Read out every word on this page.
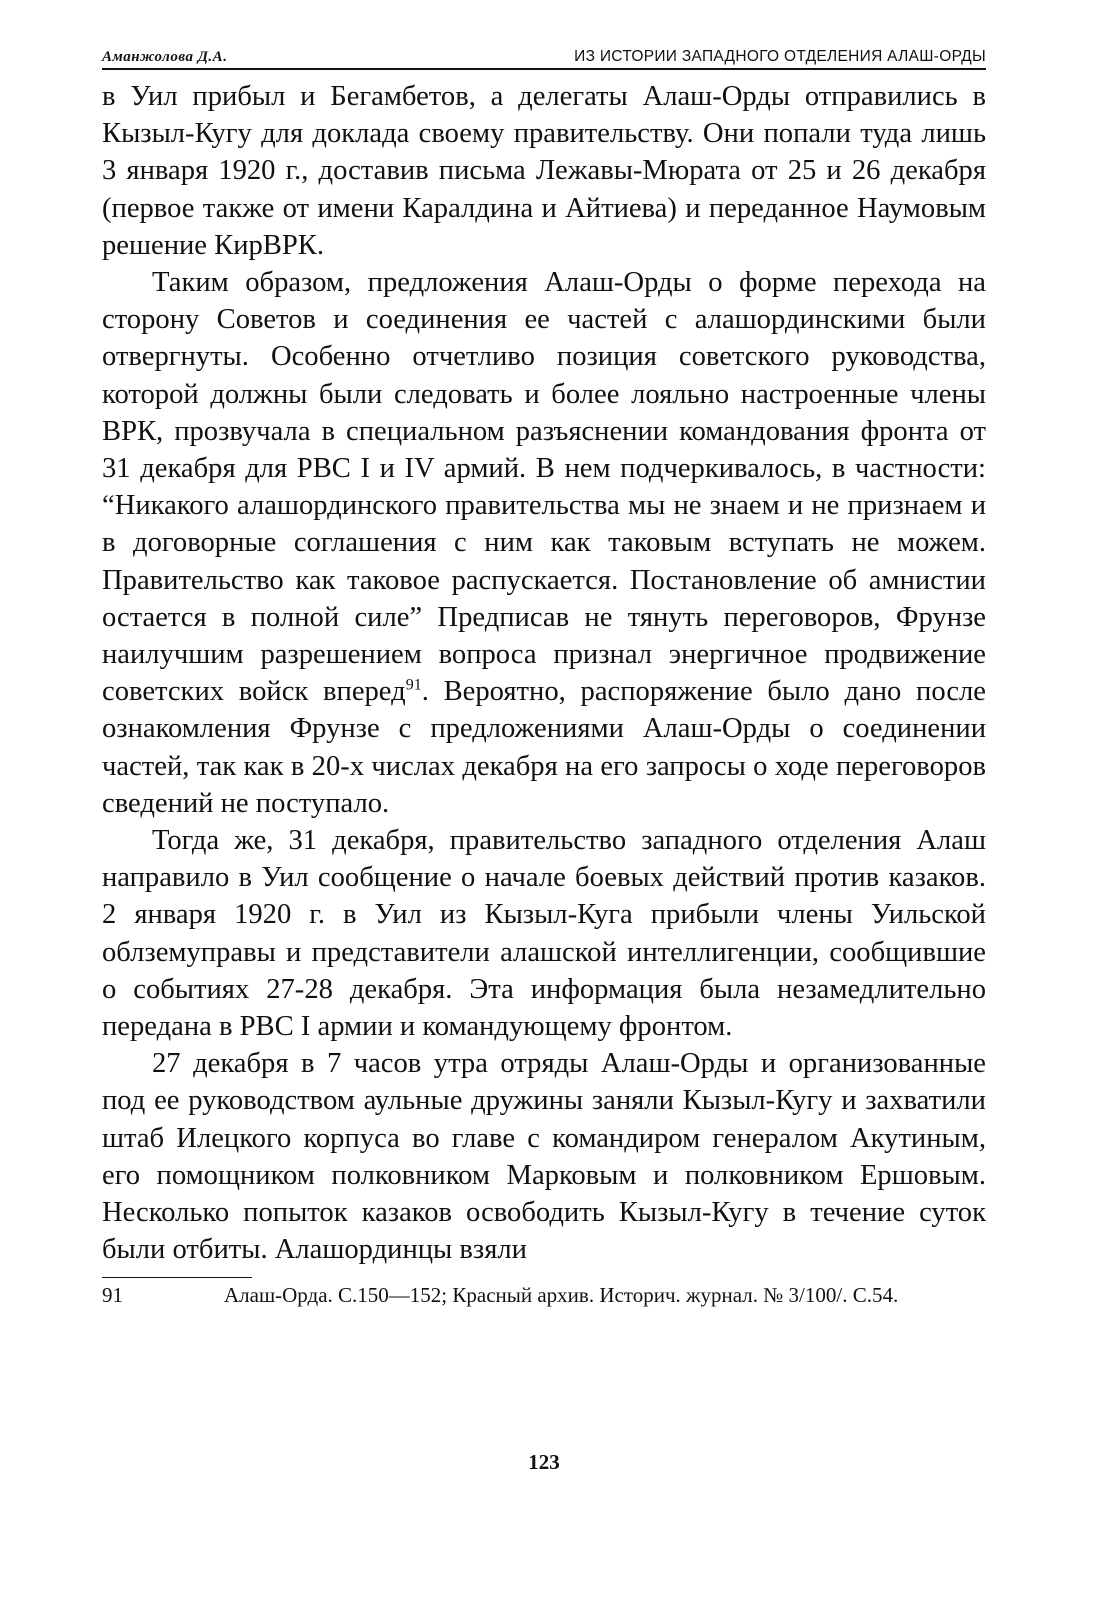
Аманжолова Д.А.	ИЗ ИСТОРИИ ЗАПАДНОГО ОТДЕЛЕНИЯ АЛАШ-ОРДЫ

в Уил прибыл и Бегамбетов, а делегаты Алаш-Орды отправились в Кызыл-Кугу для доклада своему правительству. Они попали туда лишь 3 января 1920 г., доставив письма Лежавы-Мюрата от 25 и 26 декабря (первое также от имени Каралдина и Айтиева) и переданное Наумовым решение КирВРК.

Таким образом, предложения Алаш-Орды о форме перехода на сторону Советов и соединения ее частей с алашординскими были отвергнуты. Особенно отчетливо позиция советского руководства, которой должны были следовать и более лояльно настроенные члены ВРК, прозвучала в специальном разъяснении командования фронта от 31 декабря для РВС I и IV армий. В нем подчеркивалось, в частности: “Никакого алашординского правительства мы не знаем и не признаем и в договорные соглашения с ним как таковым вступать не можем. Правительство как таковое распускается. Постановление об амнистии остается в полной силе” Предписав не тянуть переговоров, Фрунзе наилучшим разрешением вопроса признал энергичное продвижение советских войск вперед$^{91}$. Вероятно, распоряжение было дано после ознакомления Фрунзе с предложениями Алаш-Орды о соединении частей, так как в 20-х числах декабря на его запросы о ходе переговоров сведений не поступало.

Тогда же, 31 декабря, правительство западного отделения Алаш направило в Уил сообщение о начале боевых действий против казаков. 2 января 1920 г. в Уил из Кызыл-Куга прибыли члены Уильской облземуправы и представители алашской интеллигенции, сообщившие о событиях 27-28 декабря. Эта информация была незамедлительно передана в РВС I армии и командующему фронтом.

27 декабря в 7 часов утра отряды Алаш-Орды и организованные под ее руководством аульные дружины заняли Кызыл-Кугу и захватили штаб Илецкого корпуса во главе с командиром генералом Акутиным, его помощником полковником Марковым и полковником Ершовым. Несколько попыток казаков освободить Кызыл-Кугу в течение суток были отбиты. Алашординцы взяли

91	Алаш-Орда. С.150—152; Красный архив. Историч. журнал. № 3/100/. С.54.
123
